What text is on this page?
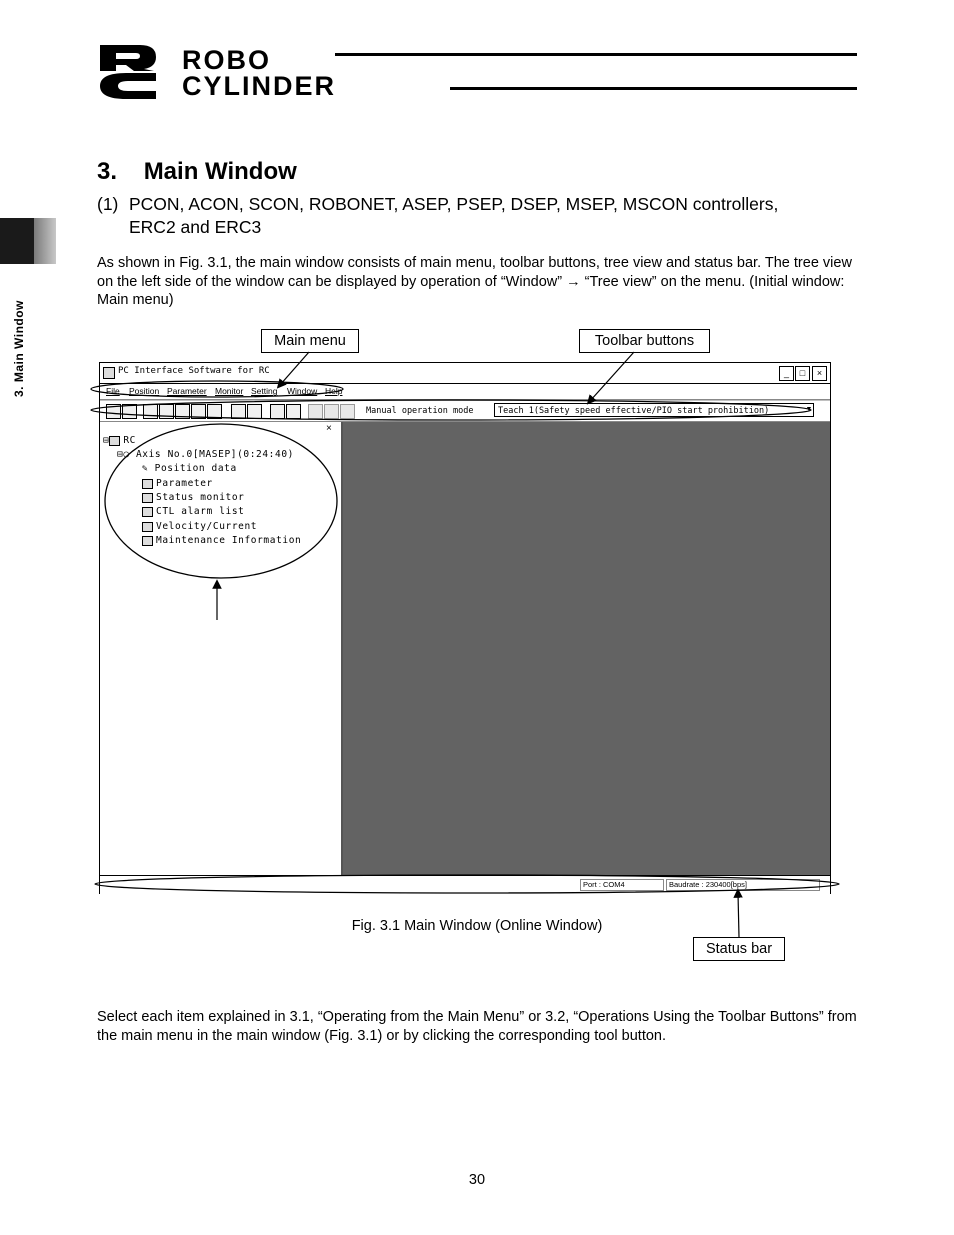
ROBO
CYLINDER
3. Main Window
3.    Main Window
(1) PCON, ACON, SCON, ROBONET, ASEP, PSEP, DSEP, MSEP, MSCON controllers,
ERC2 and ERC3
As shown in Fig. 3.1, the main window consists of main menu, toolbar buttons, tree view and status bar. The tree view on the left side of the window can be displayed by operation of “Window” → “Tree view” on the menu. (Initial window: Main menu)
Main menu	Toolbar buttons
Status bar
PC Interface Software for RC	_	□	×
File Position Parameter Monitor Setting Window Help
Manual operation mode	Teach 1(Safety speed effective/PIO start prohibition)	▼
×
⊟ RC
⊟○ Axis No.0[MASEP](0:24:40)
✎ Position data
Parameter
Status monitor
CTL alarm list
Velocity/Current
Maintenance Information
Port : COM4	Baudrate : 230400[bps]
Fig. 3.1 Main Window (Online Window)
Select each item explained in 3.1, “Operating from the Main Menu” or 3.2, “Operations Using the Toolbar Buttons” from the main menu in the main window (Fig. 3.1) or by clicking the corresponding tool button.
30
